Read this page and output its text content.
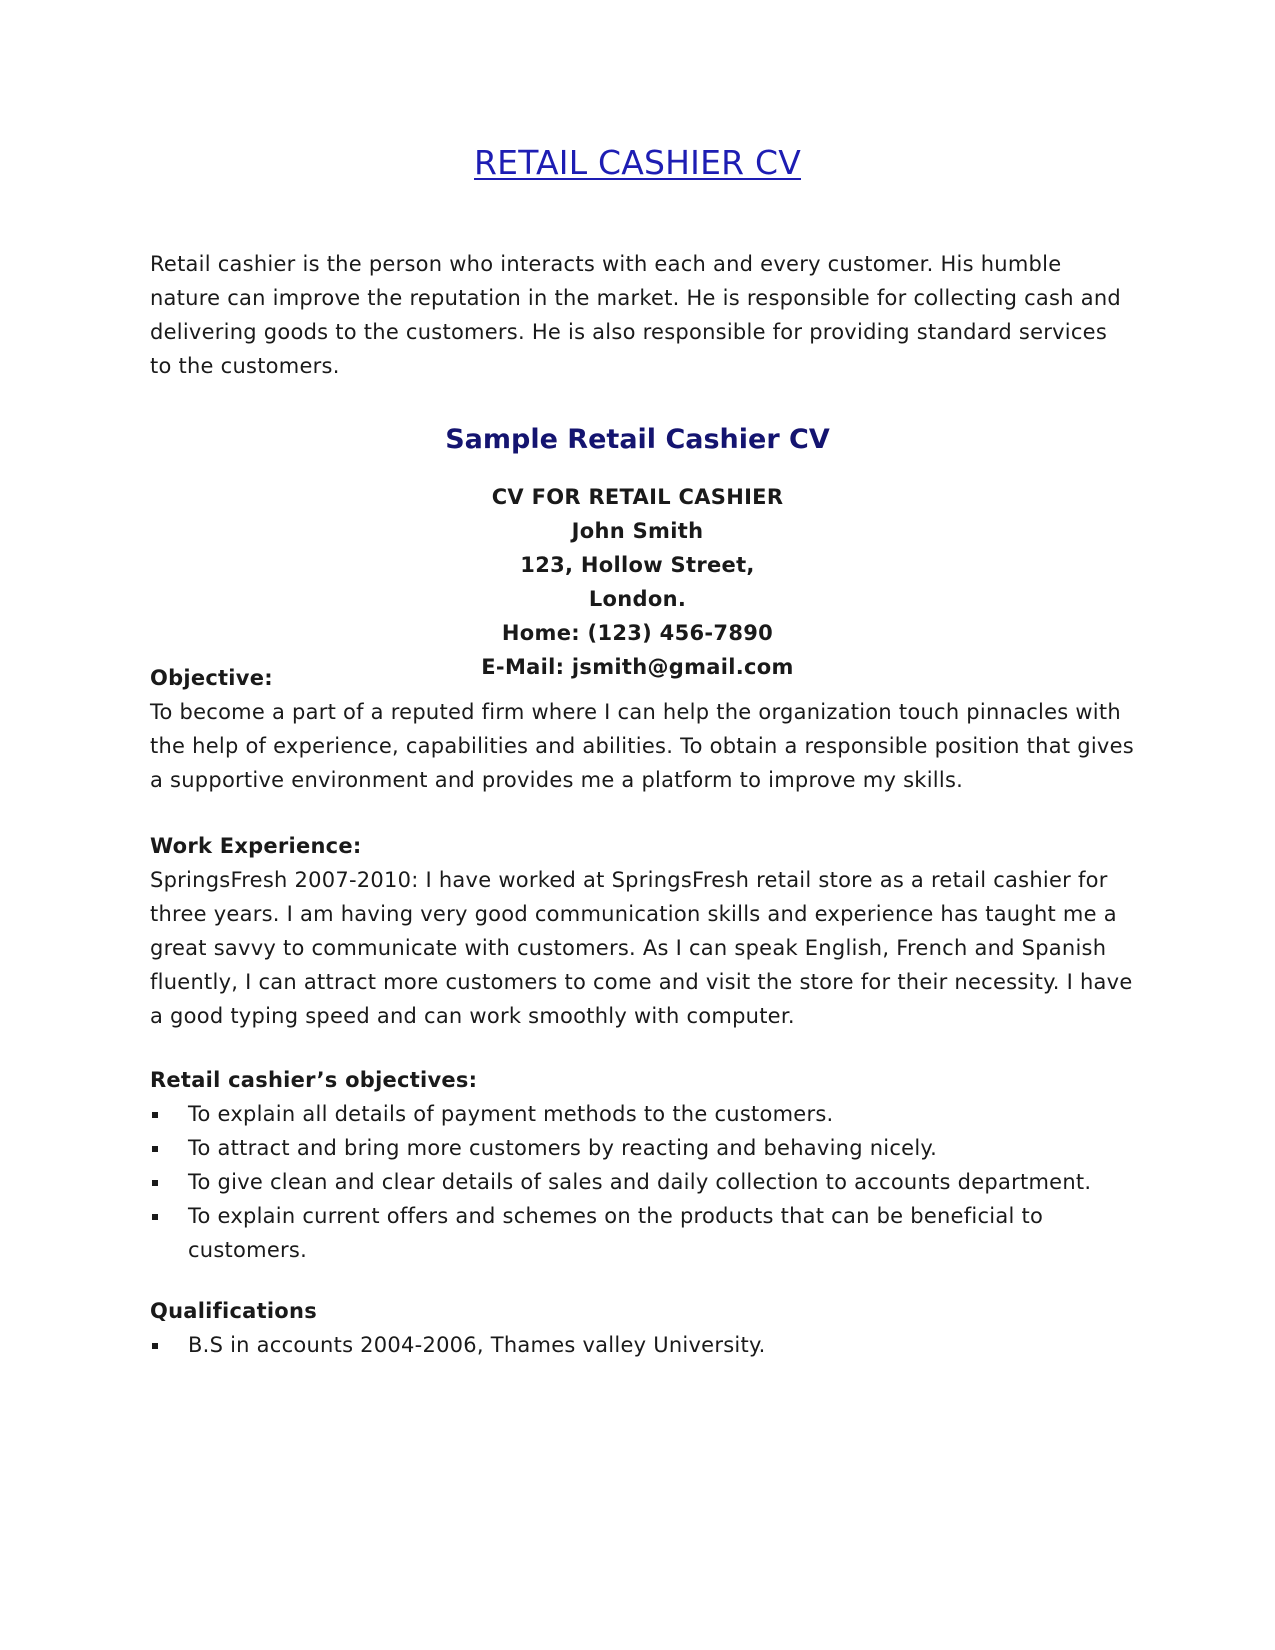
RETAIL CASHIER CV

Retail cashier is the person who interacts with each and every customer. His humble nature can improve the reputation in the market. He is responsible for collecting cash and delivering goods to the customers. He is also responsible for providing standard services to the customers.

Sample Retail Cashier CV
CV FOR RETAIL CASHIER
John Smith
123, Hollow Street,
London.
Home: (123) 456-7890
E-Mail: jsmith@gmail.com
Objective:
To become a part of a reputed firm where I can help the organization touch pinnacles with the help of experience, capabilities and abilities. To obtain a responsible position that gives a supportive environment and provides me a platform to improve my skills.
Work Experience:
SpringsFresh 2007-2010: I have worked at SpringsFresh retail store as a retail cashier for three years. I am having very good communication skills and experience has taught me a great savvy to communicate with customers. As I can speak English, French and Spanish fluently, I can attract more customers to come and visit the store for their necessity. I have a good typing speed and can work smoothly with computer.
Retail cashier’s objectives:
To explain all details of payment methods to the customers.
To attract and bring more customers by reacting and behaving nicely.
To give clean and clear details of sales and daily collection to accounts department.
To explain current offers and schemes on the products that can be beneficial to customers.
Qualifications
B.S in accounts 2004-2006, Thames valley University.
